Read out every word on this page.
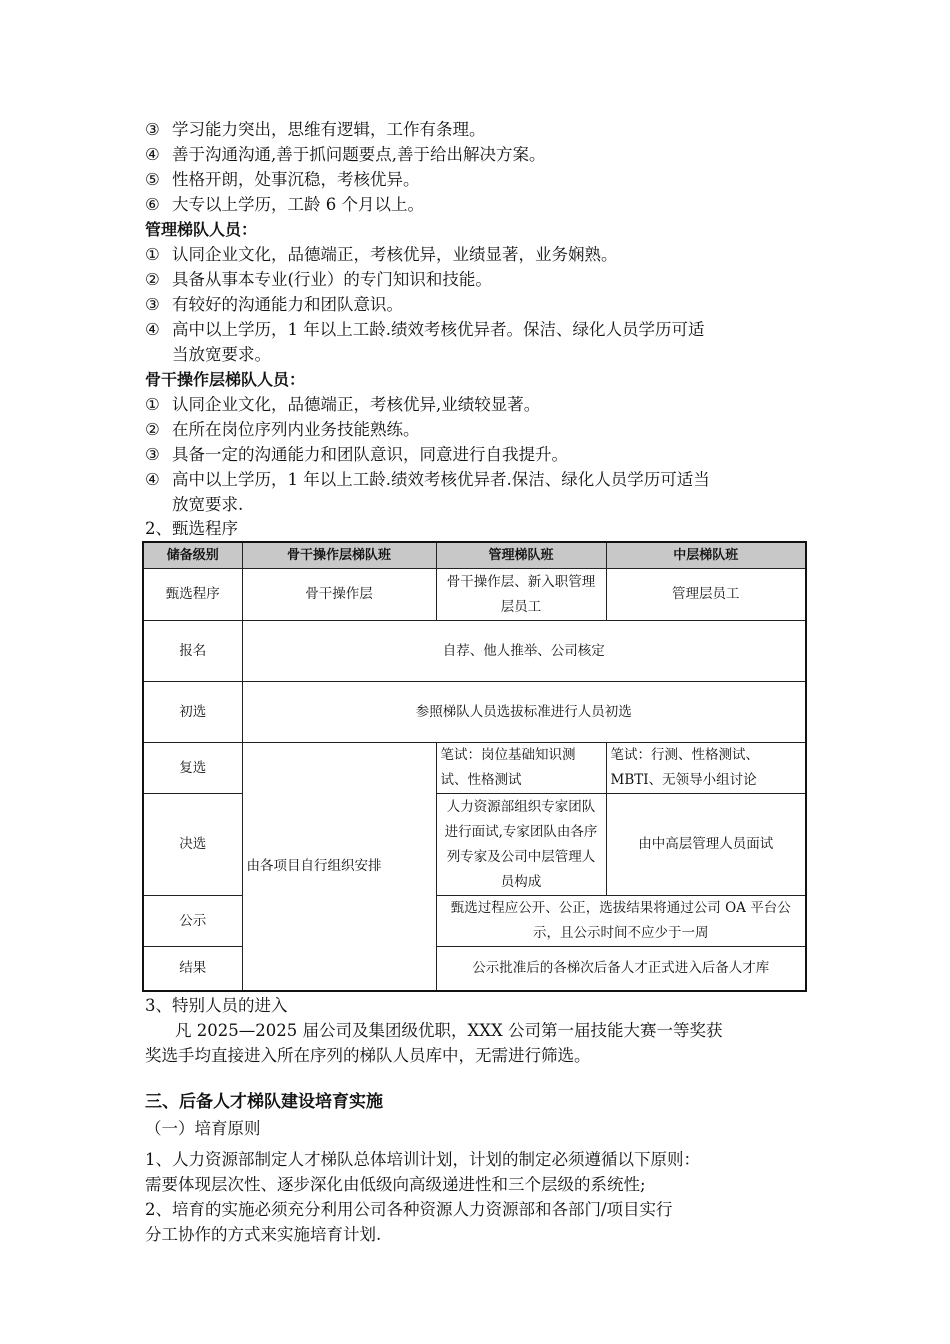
③ 学习能力突出，思维有逻辑，工作有条理。
④ 善于沟通沟通,善于抓问题要点,善于给出解决方案。
⑤ 性格开朗，处事沉稳，考核优异。
⑥ 大专以上学历，工龄 6 个月以上。
管理梯队人员：
① 认同企业文化，品德端正，考核优异，业绩显著，业务娴熟。
② 具备从事本专业(行业）的专门知识和技能。
③ 有较好的沟通能力和团队意识。
④ 高中以上学历，1 年以上工龄.绩效考核优异者。保洁、绿化人员学历可适
当放宽要求。
骨干操作层梯队人员：
① 认同企业文化，品德端正，考核优异,业绩较显著。
② 在所在岗位序列内业务技能熟练。
③ 具备一定的沟通能力和团队意识，同意进行自我提升。
④ 高中以上学历，1 年以上工龄.绩效考核优异者.保洁、绿化人员学历可适当
放宽要求.
2、甄选程序
储备级别	骨干操作层梯队班	管理梯队班	中层梯队班
甄选程序	骨干操作层	骨干操作层、新入职管理层员工	管理层员工
报名	自荐、他人推举、公司核定		
初选	参照梯队人员选拔标准进行人员初选		
复选	由各项目自行组织安排	笔试：岗位基础知识测试、性格测试	笔试：行测、性格测试、MBTI、无领导小组讨论
决选		人力资源部组织专家团队进行面试,专家团队由各序列专家及公司中层管理人员构成	由中高层管理人员面试
公示		甄选过程应公开、公正，选拔结果将通过公司 OA 平台公示，且公示时间不应少于一周	
结果		公示批准后的各梯次后备人才正式进入后备人才库	
3、特别人员的进入
凡 2025—2025 届公司及集团级优职，XXX 公司第一届技能大赛一等奖获
奖选手均直接进入所在序列的梯队人员库中，无需进行筛选。
三、后备人才梯队建设培育实施
（一）培育原则
1、人力资源部制定人才梯队总体培训计划，计划的制定必须遵循以下原则：
需要体现层次性、逐步深化由低级向高级递进性和三个层级的系统性;
2、培育的实施必须充分利用公司各种资源人力资源部和各部门/项目实行
分工协作的方式来实施培育计划.
